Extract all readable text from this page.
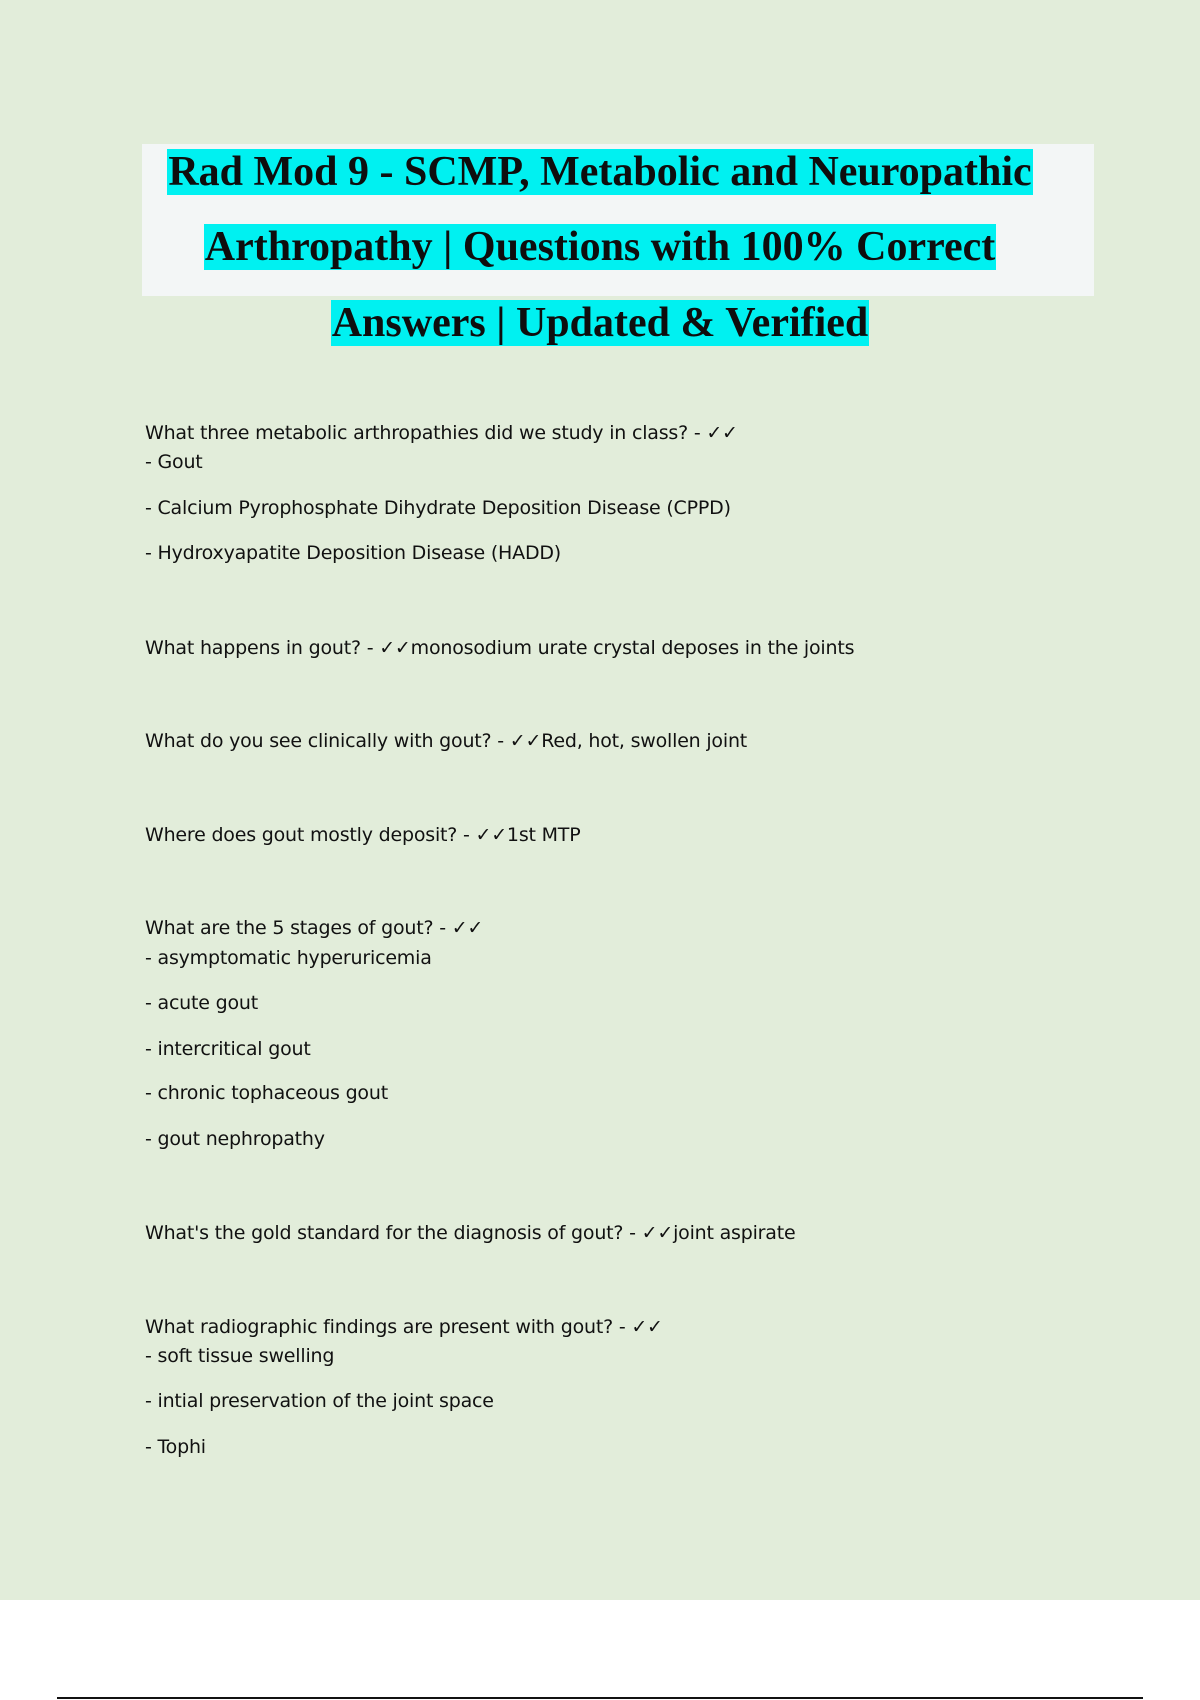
Rad Mod 9 - SCMP, Metabolic and Neuropathic
Arthropathy | Questions with 100% Correct
Answers | Updated & Verified
What three metabolic arthropathies did we study in class? - ✓✓
- Gout
- Calcium Pyrophosphate Dihydrate Deposition Disease (CPPD)
- Hydroxyapatite Deposition Disease (HADD)
What happens in gout? - ✓✓monosodium urate crystal deposes in the joints
What do you see clinically with gout? - ✓✓Red, hot, swollen joint
Where does gout mostly deposit? - ✓✓1st MTP
What are the 5 stages of gout? - ✓✓
- asymptomatic hyperuricemia
- acute gout
- intercritical gout
- chronic tophaceous gout
- gout nephropathy
What's the gold standard for the diagnosis of gout? - ✓✓joint aspirate
What radiographic findings are present with gout? - ✓✓
- soft tissue swelling
- intial preservation of the joint space
- Tophi
